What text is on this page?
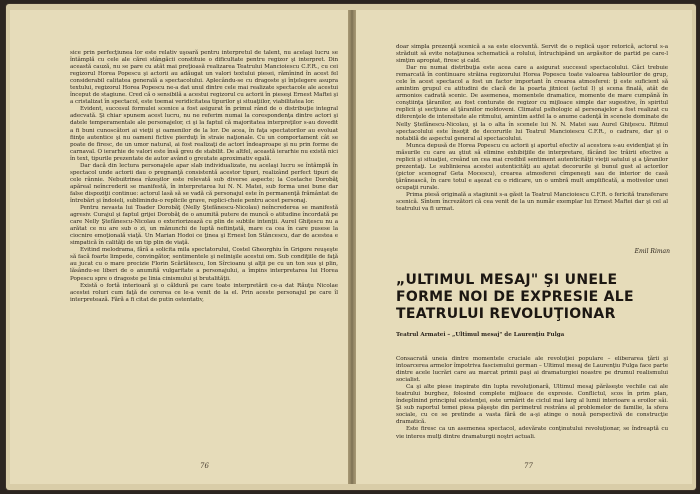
sice prin perfecţiunea lor este relativ uşoară pentru interpretul de talent, nu acelaşi lucru se întâmplă cu cele ale cărei stângăcii constituie o dificultate pentru regizor şi interpret. Din această cauză, nu se pare cu atât mai preţioasă realizarea Teatrului Mancioiescu C.F.R., cu cei regizorul Horea Popescu şi actorii au adăugat un valori textului piesei, rămînind în acest fel considerabil calitatea generală a spectacolului. Aplecându-se cu dragoste şi înţelegere asupra textului, regizorul Horea Popescu ne-a dat unul dintre cele mai realizate spectacole ale acestui început de stagiune. Cred că o sensibilă a acestui regizorul cu actorii în pieseşi Ernest Maftei şi a cristalizat în spectacol, este toemai veridicitatea tipurilor şi situaţiilor, viabilitatea lor.

Evident, succesul formulei scenice a fost asigurat în primul rând de o distribuţie integral adecvată. Şi chiar spunem acest lucru, nu ne referim numai la corespondenţa dintre actori şi datele temperamentale ale personajelor, ci şi la faptul că majoritatea interpreţilor s-au dovedit a fi buni cunoscători ai vieţii şi oamenilor de la lor. De acea, în faţa spectatorilor au evoluat fiinţe autentice şi nu oameni fictive pierduţi în straie naţionale. Cu un comportament cât se poate de firesc, de un umor natural, ai fost realizaţi de actori îndeaproape şi nu prin forme de carnaval. O ierarhie de valori este însă greu de stabilit. De altfel, această ierarhie nu există nici în text, tipurile prezentate de autor având o greutate aproximativ egală.

Dar dacă din lectura personajele apar slab individualizate, nu acelaşi lucru se întâmplă în spectacol unde actorii dau o pregnanţă consistentă acestor tipuri, realizând perfect tipuri de cele rânnie. Nebuitrinea răzeşilor este relevată sub diverse aspecte; la Costache Dorobăţ apăreal neîncrederii se manifestă, în interpretarea lui N. N. Matei, sub forma unei bune dar false dispoziţii continue: actorul lasă să se vadă că personajul este în permanenţă frământat de întrebări şi îndoieli, sublimindu-o replicile grave, replici-cheie pentru acest personaj.

Pentru nevasta lui Toader Dorobăţ (Nelly Ştefănescu-Nicolau) neîncrederea se manifestă agresiv. Curajul şi faptul grijei Dorobăţ de o anumită putere de muncă o atitudine încordată pe care Nelly Ştefănescu-Nicolau o exteriorizează cu plin de subtile intenţii. Aurel Ghiţescu nu a arătat ce nu are sub o zi, un mănunchi de luptă nefiinţată, mare ca cea în care pusese la ciocnire emoţională viaţă. Un Marian Hodoi ce ţinea şi Ernest Ion Stăncescu, dar de acestea e simpatică în calităţi de un tip plin de viaţă.

Evitind melodrama, fără a solicita mila spectatorului, Costel Gheorghiu în Grigore reuşeşte să facă foarte limpede, convingător, sentimentele şi nelinişile acestui om. Sub condiţiile de faţă au jucat cu o mare precizie Florin Scărlătescu, Ion Sîrcioanu şi alţii pe cu un ton sus şi plin, lăsându-se liberi de o anumită vulgaritate a personajului, a împins interpretarea lui Horea Popescu spre o dragoste pe linia cinismului şi brutalităţii.

Există o fortă interioară şi o căldură pe care toate interpretării ce-a dat Răuţu Nicolae acestei roluri cum faţă de cererea ce le-a venit de la el. Prin aceste personajul pe care îl interpretează. Fără a fi citat de putin ostentativ,

76

doar simpla prezenţă scenică a sa este elocventă. Servit de o replică uşor retorică, actorul s-a străduit să evite notaţiunea schematică a rolului, întruchipând un argăsitor de partid pe care-l simţim apropiat, firesc şi cald.

Dar nu numai distribuţia este acea care a asigurat succesul spectacolului. Căci trebuie remarcată în continuare străina regizorului Horea Popescu toate valoarea tablourilor de grup, cele în acest spectacol a fost un factor important în crearea atmosferei: ţi este suficient să amintim grupul cu atitudini de clacă de la poarta jitnicei (actul I) şi scena finală, atât de armonios cadrată scenic. De asemenea, momentele dramatice, momente de mare cumpănă în conştiinţa ţăranilor, au fost conturate de regizor cu mijloace simple dar sugestive, în spiritul replicii şi secţiune al ţăranilor moldoveni. Climatul psihologic al personajelor a fost realizat cu diferenţele de intensitate ale ritmului, amintim astfel la o anume cadenţă în scenele dominate de Nelly Ştefănescu-Nicolau, şi la o alta în scenele lui N. N. Matei sau Aurel Ghiţescu. Ritmul spectacolului este însoţit de decorurile lui Teatrul Mancioiescu C.F.R., o cadrare, dar şi o notabilă de aspectul general al spectacolului.

Munca depusă de Horea Popescu cu actorii şi aportul efectiv al acestora s-au evidenţiat şi în măsurile cu care au ştiut să elimine exhibiţiile de interpretare, făcând loc trăirii efective a replicii şi situaţiei, creând un cea mai credibil sentiment autenticităţii vieţii satului şi a ţăranilor prezentaţi. Le sublinierea acestei autenticităţi au ajutat decorurile şi bunul gust al actorilor (pictor scenograf Geta Mocescu), crearea atmosferei cîmpeneşti sau de interior de casă ţărănească, în care totul e aşezat cu o ridicare, un o umbră mult amplificată, a motivelor unei ocupaţii rurale.

Prima piesă originală a stagiunii s-a găsit la Teatrul Mancioiescu C.F.R. o fericită transferare scenică. Sîntem încrezători că cea venit de la un număr exemplar lui Ernest Maftei dar şi cel al teatrului va fi urmat.

Emil Riman
„ULTIMUL MESAJ" ŞI UNELE FORME NOI DE EXPRESIE ALE TEATRULUI REVOLUŢIONAR
Teatrul Armatei – „Ultimul mesaj" de Laurenţiu Fulga

Consacrată uneia dintre momentele cruciale ale revoluţiei populare – eliberarea ţării şi intoarcerea armelor împotriva fascismului german – Ultimul mesaj de Laurenţiu Fulga face parte dintre acele lucrări care au marcat primii paşi ai dramaturgiei noastre pe drumul realismului socialist.

Ca şi alte piese inspirate din lupta revoluţionară, Ultimul mesaj părăseşte vechile cai ale teatrului burghez, folosind complete mijloace de expresie. Conflictul, scos în prim plan, îndeplinind principiul existenţei, este urmărit de ciclul mai larg al lumii interioare a eroilor săi. Şi sub raportul temei piesa păşeşte din perimetrul restrâns al problemelor de familie, la sfera sociale, cu ce se pretinde a vasta fără de a-şi atinge o nouă perspectivă de construcţie dramatică.

Este firesc ca un asemenea spectacol, adevărate conţinutului revoluţionar, se îndreaptă cu vie interes mulţi dintre dramaturgii noştri actuali.

77
